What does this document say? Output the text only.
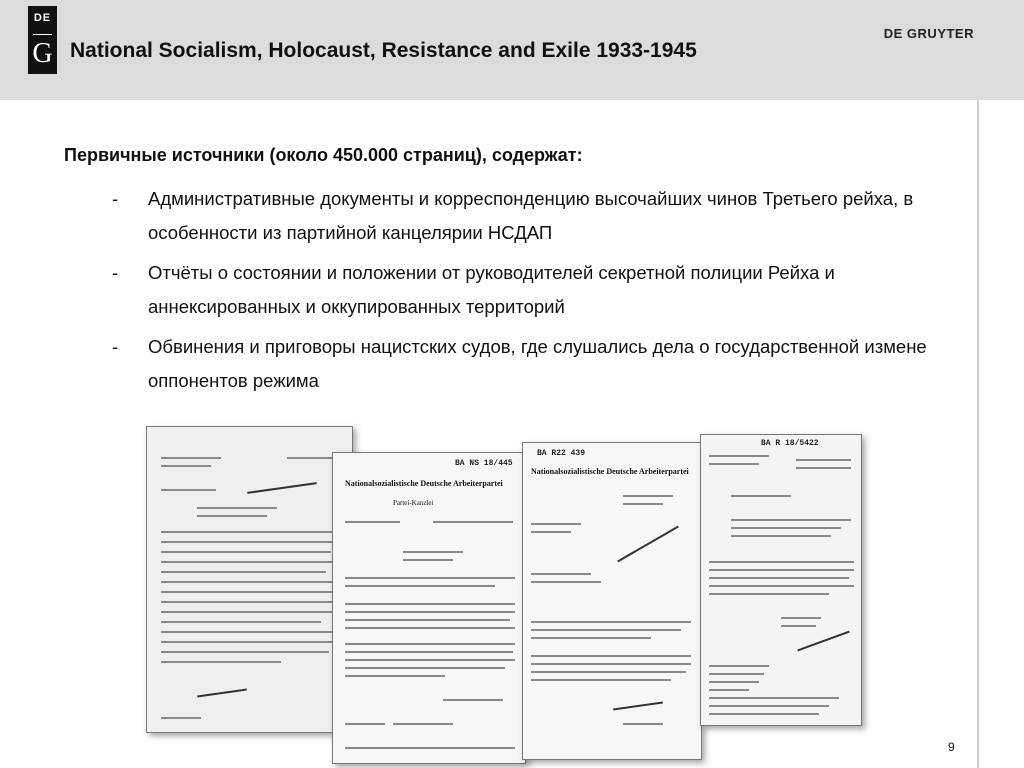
DE
G National Socialism, Holocaust, Resistance and Exile 1933-1945
DE GRUYTER
Первичные источники (около 450.000 страниц), содержат:
- Административные документы и корреспонденцию высочайших чинов Третьего рейха, в особенности из партийной канцелярии НСДАП
- Отчёты о состоянии и положении от руководителей секретной полиции Рейха и аннексированных и оккупированных территорий
- Обвинения и приговоры нацистских судов, где слушались дела о государственной измене оппонентов режима
BA NS 18/445
Nationalsozialistische Deutsche Arbeiterpartei
Partei-Kanzlei
BA R22 439
Nationalsozialistische Deutsche Arbeiterpartei
BA R 18/5422
9
